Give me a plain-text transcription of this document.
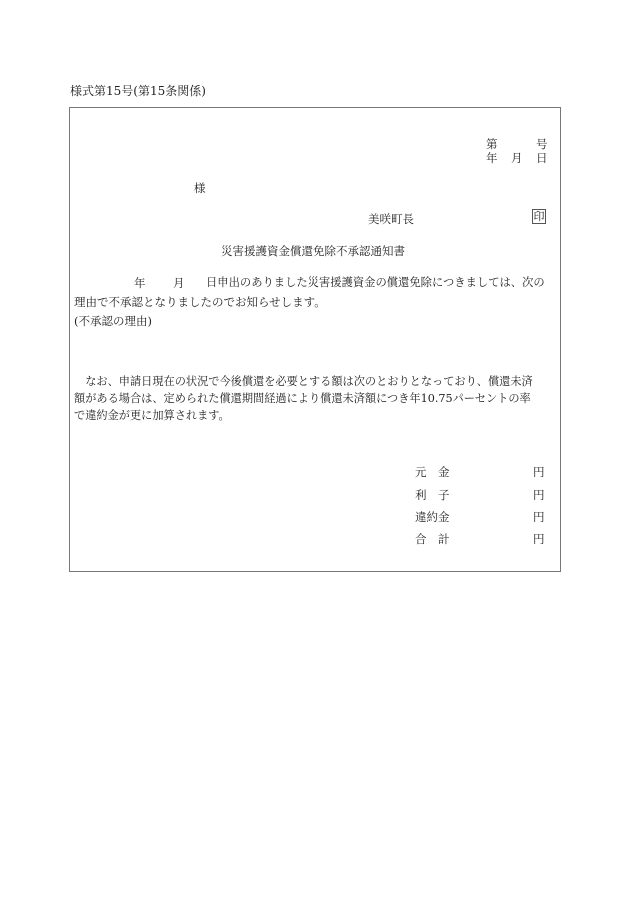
様式第15号(第15条関係)
第	号
年 月 日
様
美咲町長	印
災害援護資金償還免除不承認通知書
年 月 日申出のありました災害援護資金の償還免除につきましては、次の
理由で不承認となりましたのでお知らせします。
(不承認の理由)
　なお、申請日現在の状況で今後償還を必要とする額は次のとおりとなっており、償還未済
額がある場合は、定められた償還期間経過により償還未済額につき年10.75パーセントの率
で違約金が更に加算されます。
元　金	円
利　子	円
違約金	円
合　計	円
